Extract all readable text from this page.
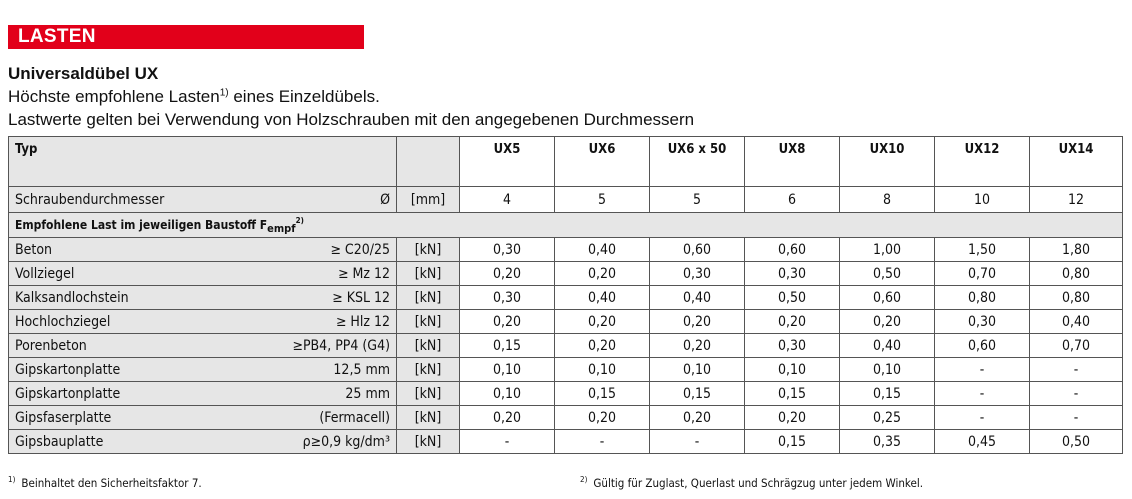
LASTEN
Universaldübel UX
Höchste empfohlene Lasten$^{1)}$ eines Einzeldübels.
Lastwerte gelten bei Verwendung von Holzschrauben mit den angegebenen Durchmessern
Typ		UX5	UX6	UX6 x 50	UX8	UX10	UX12	UX14

Schraubendurchmesser Ø	[mm]	4	5	5	6	8	10	12
Empfohlene Last im jeweiligen Baustoff $F_{empf}^{2)}$

Beton ≥ C20/25	[kN]	0,30	0,40	0,60	0,60	1,00	1,50	1,80

Vollziegel ≥ Mz 12	[kN]	0,20	0,20	0,30	0,30	0,50	0,70	0,80

Kalksandlochstein ≥ KSL 12	[kN]	0,30	0,40	0,40	0,50	0,60	0,80	0,80

Hochlochziegel ≥ Hlz 12	[kN]	0,20	0,20	0,20	0,20	0,20	0,30	0,40

Porenbeton ≥PB4, PP4 (G4)	[kN]	0,15	0,20	0,20	0,30	0,40	0,60	0,70

Gipskartonplatte 12,5 mm	[kN]	0,10	0,10	0,10	0,10	0,10	-	-

Gipskartonplatte 25 mm	[kN]	0,10	0,15	0,15	0,15	0,15	-	-

Gipsfaserplatte (Fermacell)	[kN]	0,20	0,20	0,20	0,20	0,25	-	-

Gipsbauplatte ρ≥0,9 kg/dm³	[kN]	-	-	-	0,15	0,35	0,45	0,50
$^{1)}$ Beinhaltet den Sicherheitsfaktor 7.	$^{2)}$ Gültig für Zuglast, Querlast und Schrägzug unter jedem Winkel.
